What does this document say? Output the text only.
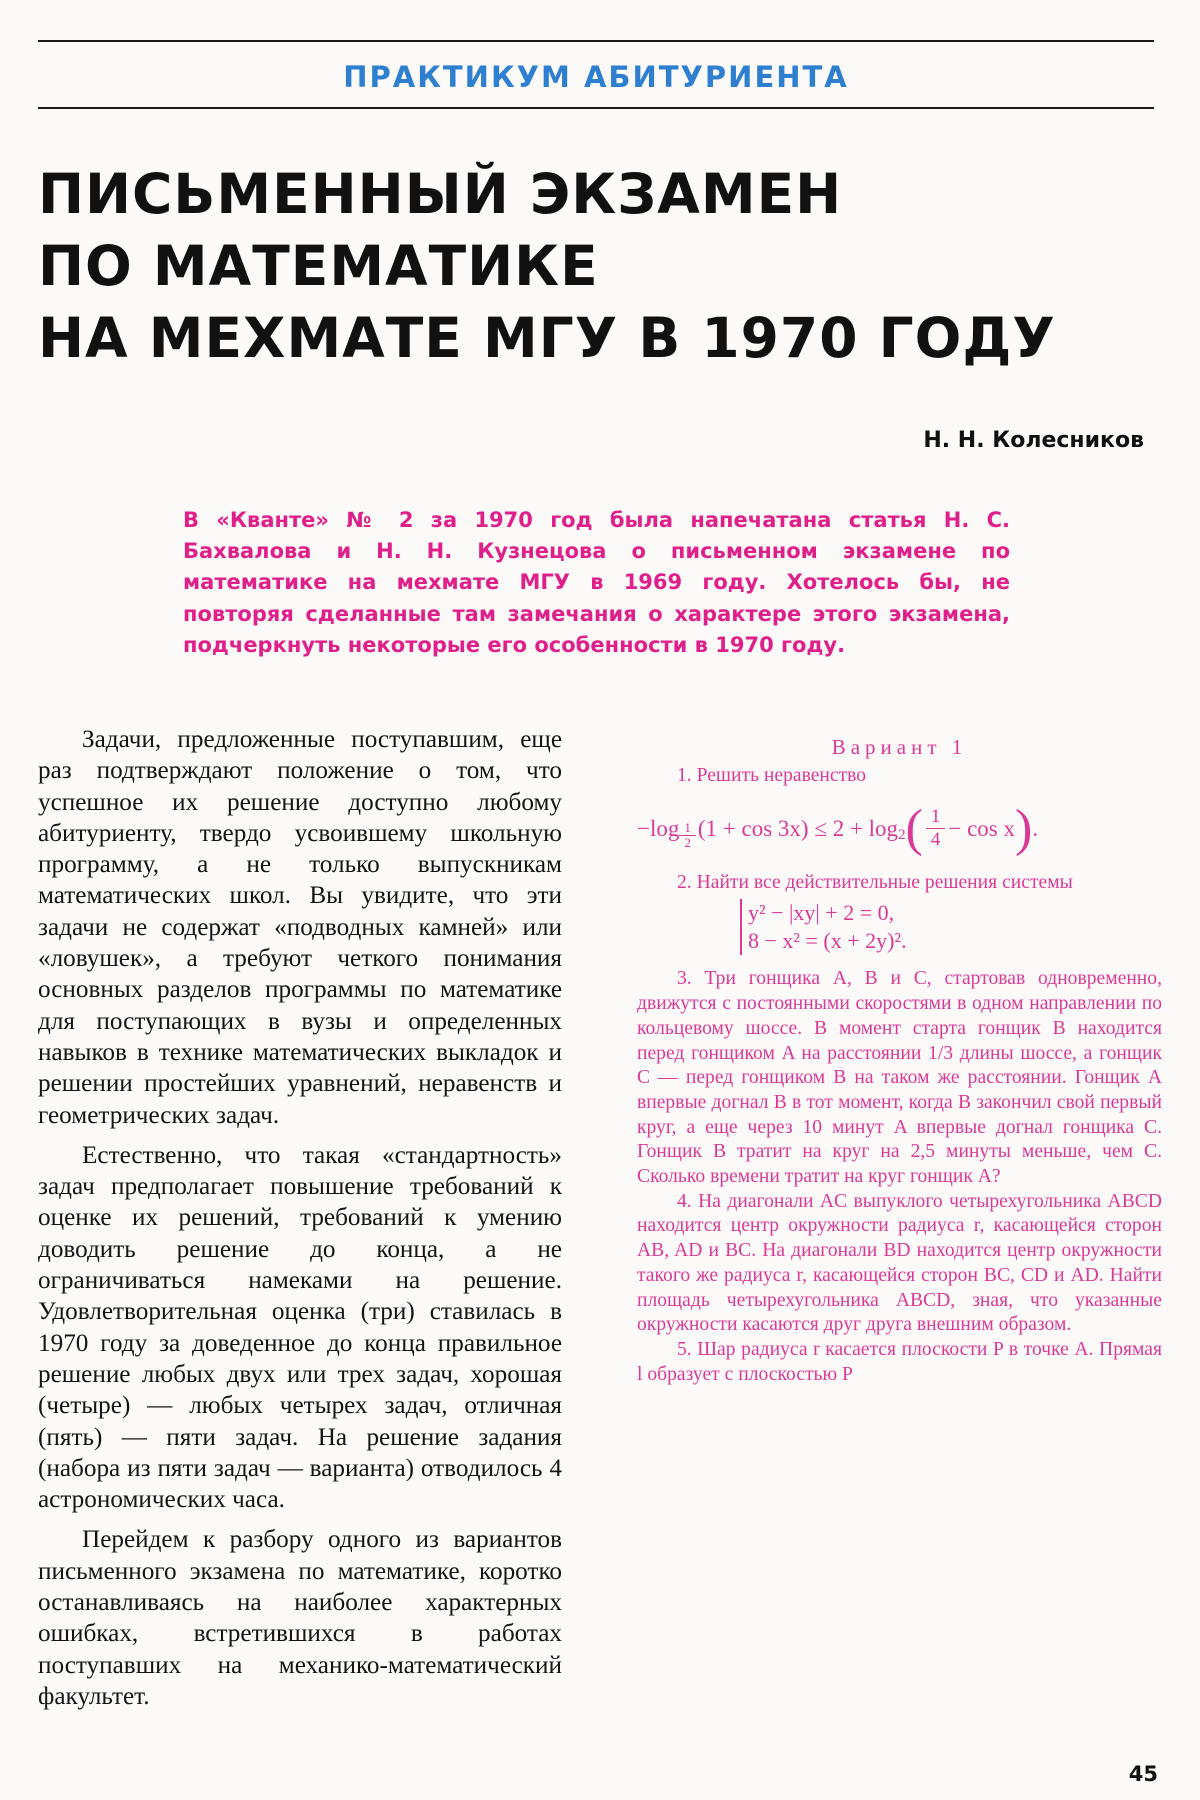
ПРАКТИКУМ АБИТУРИЕНТА
ПИСЬМЕННЫЙ ЭКЗАМЕН
ПО МАТЕМАТИКЕ
НА МЕХМАТЕ МГУ В 1970 ГОДУ
Н. Н. Колесников

В «Кванте» № 2 за 1970 год была напечатана статья Н. С. Бахвалова и Н. Н. Кузнецова о письменном экзамене по математике на мехмате МГУ в 1969 году. Хотелось бы, не повторяя сделанные там замечания о характере этого экзамена, подчеркнуть некоторые его особенности в 1970 году.

Задачи, предложенные поступавшим, еще раз подтверждают положение о том, что успешное их решение доступно любому абитуриенту, твердо усвоившему школьную программу, а не только выпускникам математических школ. Вы увидите, что эти задачи не содержат «подводных камней» или «ловушек», а требуют четкого понимания основных разделов программы по математике для поступающих в вузы и определенных навыков в технике математических выкладок и решении простейших уравнений, неравенств и геометрических задач.

Естественно, что такая «стандартность» задач предполагает повышение требований к оценке их решений, требований к умению доводить решение до конца, а не ограничиваться намеками на решение. Удовлетворительная оценка (три) ставилась в 1970 году за доведенное до конца правильное решение любых двух или трех задач, хорошая (четыре) — любых четырех задач, отличная (пять) — пяти задач. На решение задания (набора из пяти задач — варианта) отводилось 4 астрономических часа.

Перейдем к разбору одного из вариантов письменного экзамена по математике, коротко останавливаясь на наиболее характерных ошибках, встретившихся в работах поступавших на механико-математический факультет.

Вариант 1

1. Решить неравенство

$-\log \frac{1}{2} (1 + \cos 3x) \le 2 + \log_2$ ( $\frac{1}{4} - \cos x$ ) .

2. Найти все действительные решения системы

y² − |xy| + 2 = 0,
8 − x² = (x + 2y)².

3. Три гонщика A, B и C, стартовав одновременно, движутся с постоянными скоростями в одном направлении по кольцевому шоссе. В момент старта гонщик B находится перед гонщиком A на расстоянии 1/3 длины шоссе, а гонщик C — перед гонщиком B на таком же расстоянии. Гонщик A впервые догнал B в тот момент, когда B закончил свой первый круг, а еще через 10 минут A впервые догнал гонщика C. Гонщик B тратит на круг на 2,5 минуты меньше, чем C. Сколько времени тратит на круг гонщик A?

4. На диагонали AC выпуклого четырехугольника ABCD находится центр окружности радиуса r, касающейся сторон AB, AD и BC. На диагонали BD находится центр окружности такого же радиуса r, касающейся сторон BC, CD и AD. Найти площадь четырехугольника ABCD, зная, что указанные окружности касаются друг друга внешним образом.

5. Шар радиуса r касается плоскости P в точке A. Прямая l образует с плоскостью P

45
